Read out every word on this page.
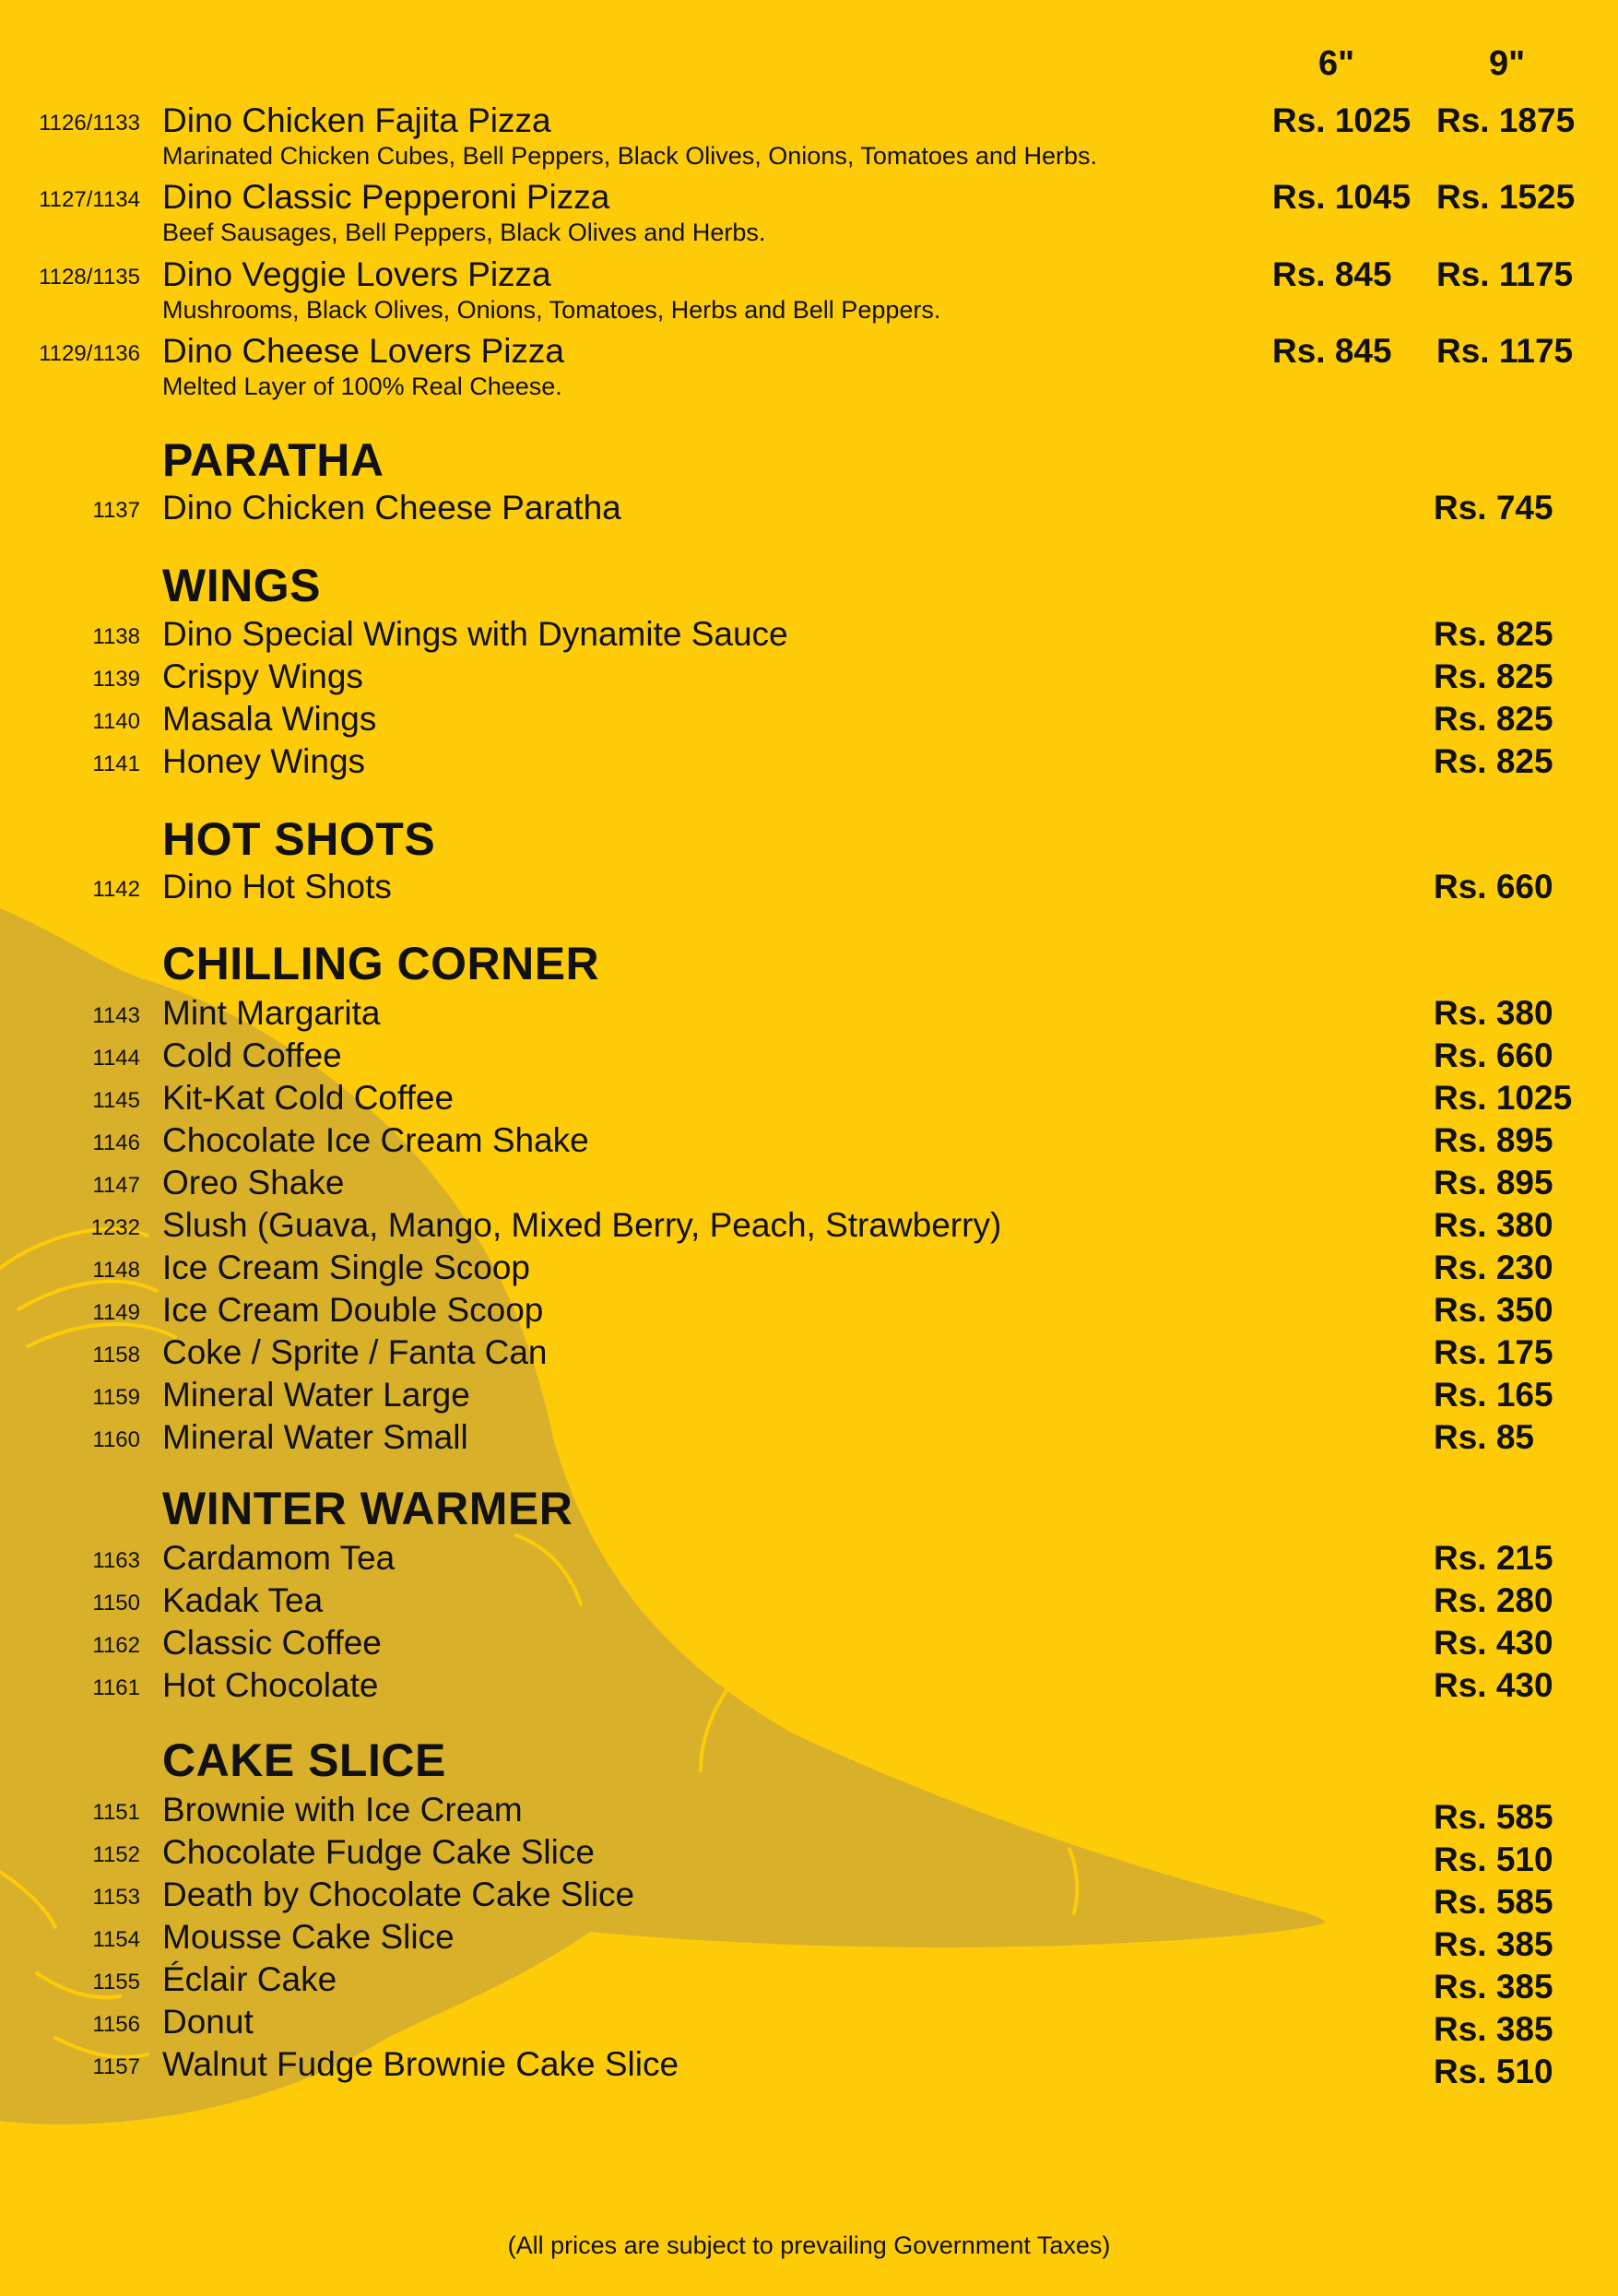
6"	9"
1126/1133 Dino Chicken Fajita Pizza
Marinated Chicken Cubes, Bell Peppers, Black Olives, Onions, Tomatoes and Herbs.
Rs. 1025 Rs. 1875
1127/1134 Dino Classic Pepperoni Pizza
Beef Sausages, Bell Peppers, Black Olives and Herbs.
Rs. 1045 Rs. 1525
1128/1135 Dino Veggie Lovers Pizza
Mushrooms, Black Olives, Onions, Tomatoes, Herbs and Bell Peppers.
Rs. 845 Rs. 1175
1129/1136 Dino Cheese Lovers Pizza
Melted Layer of 100% Real Cheese.
Rs. 845 Rs. 1175
PARATHA
1137 Dino Chicken Cheese Paratha	Rs. 745
WINGS
1138 Dino Special Wings with Dynamite Sauce	Rs. 825
1139 Crispy Wings	Rs. 825
1140 Masala Wings	Rs. 825
1141 Honey Wings	Rs. 825
HOT SHOTS
1142 Dino Hot Shots	Rs. 660
CHILLING CORNER
1143 Mint Margarita	Rs. 380
1144 Cold Coffee	Rs. 660
1145 Kit-Kat Cold Coffee	Rs. 1025
1146 Chocolate Ice Cream Shake	Rs. 895
1147 Oreo Shake	Rs. 895
1232 Slush (Guava, Mango, Mixed Berry, Peach, Strawberry)	Rs. 380
1148 Ice Cream Single Scoop	Rs. 230
1149 Ice Cream Double Scoop	Rs. 350
1158 Coke / Sprite / Fanta Can	Rs. 175
1159 Mineral Water Large	Rs. 165
1160 Mineral Water Small	Rs. 85
WINTER WARMER
1163 Cardamom Tea	Rs. 215
1150 Kadak Tea	Rs. 280
1162 Classic Coffee	Rs. 430
1161 Hot Chocolate	Rs. 430
CAKE SLICE
1151 Brownie with Ice Cream	Rs. 585
1152 Chocolate Fudge Cake Slice	Rs. 510
1153 Death by Chocolate Cake Slice	Rs. 585
1154 Mousse Cake Slice	Rs. 385
1155 Éclair Cake	Rs. 385
1156 Donut	Rs. 385
1157 Walnut Fudge Brownie Cake Slice	Rs. 510
(All prices are subject to prevailing Government Taxes)
